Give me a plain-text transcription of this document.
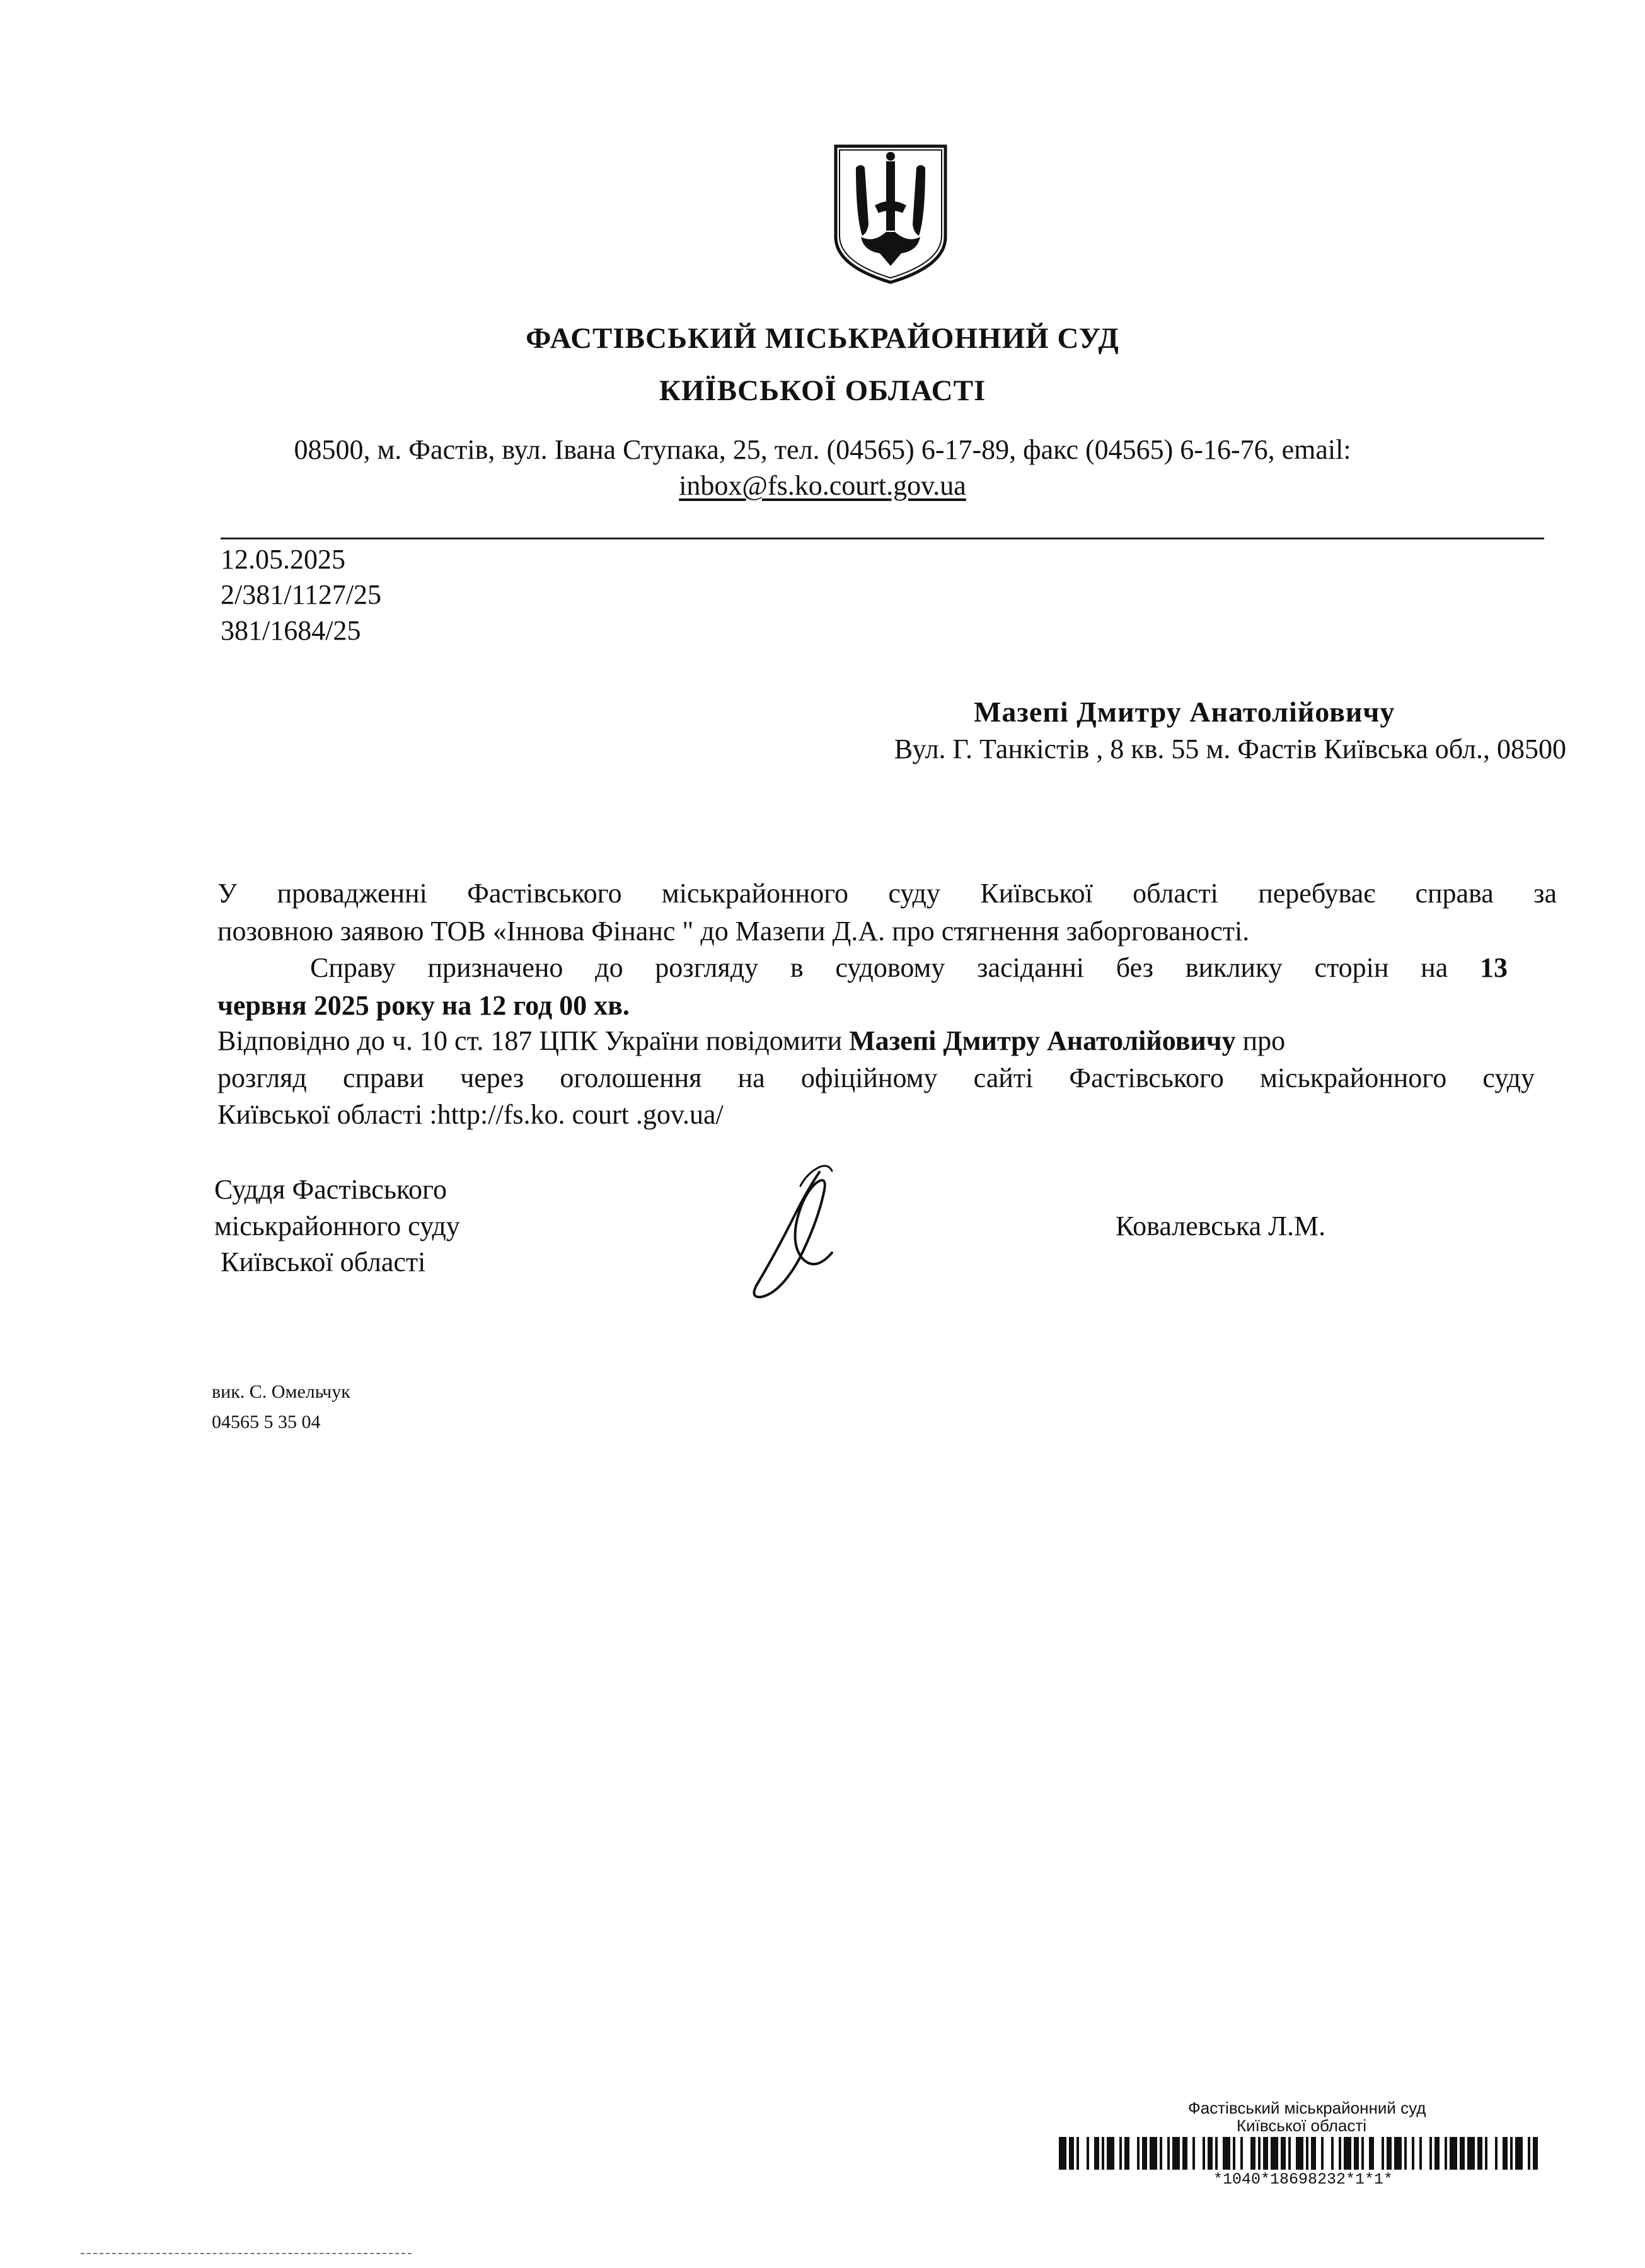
ФАСТІВСЬКИЙ МІСЬКРАЙОННИЙ СУД
КИЇВСЬКОЇ ОБЛАСТІ
08500, м. Фастів, вул. Івана Ступака, 25, тел. (04565) 6-17-89, факс (04565) 6-16-76, email:
inbox@fs.ko.court.gov.ua
12.05.2025
2/381/1127/25
381/1684/25
Мазепі Дмитру Анатолійовичу
Вул. Г. Танкістів , 8 кв. 55 м. Фастів Київська обл., 08500
У провадженні Фастівського міськрайонного суду Київської області перебуває справа за
позовною заявою ТОВ «Іннова Фінанс " до Мазепи Д.А. про стягнення заборгованості.
Справу призначено до розгляду в судовому засіданні без виклику сторін на 13
червня 2025 року на 12 год 00 хв.
Відповідно до ч. 10 ст. 187 ЦПК України повідомити Мазепі Дмитру Анатолійовичу про
розгляд справи через оголошення на офіційному сайті Фастівського міськрайонного суду
Київської області :http://fs.ko. court .gov.ua/
Суддя Фастівського
міськрайонного суду
Київської області
Ковалевська Л.М.
вик. С. Омельчук
04565 5 35 04
Фастівський міськрайонний суд
Київської області
*1040*18698232*1*1*
